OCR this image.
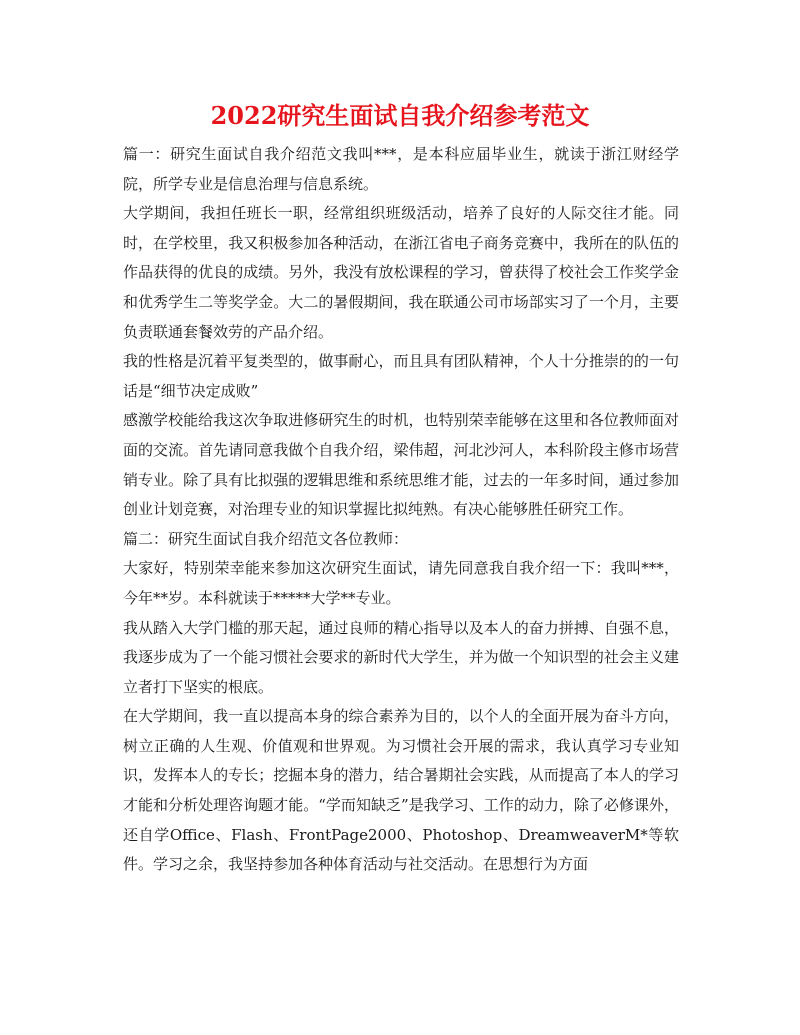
2022研究生面试自我介绍参考范文

篇一：研究生面试自我介绍范文我叫***，是本科应届毕业生，就读于浙江财经学院，所学专业是信息治理与信息系统。

大学期间，我担任班长一职，经常组织班级活动，培养了良好的人际交往才能。同时，在学校里，我又积极参加各种活动，在浙江省电子商务竞赛中，我所在的队伍的作品获得的优良的成绩。另外，我没有放松课程的学习，曾获得了校社会工作奖学金和优秀学生二等奖学金。大二的暑假期间，我在联通公司市场部实习了一个月，主要负责联通套餐效劳的产品介绍。

我的性格是沉着平复类型的，做事耐心，而且具有团队精神，个人十分推崇的的一句话是“细节决定成败”

感激学校能给我这次争取进修研究生的时机，也特别荣幸能够在这里和各位教师面对面的交流。首先请同意我做个自我介绍，梁伟超，河北沙河人，本科阶段主修市场营销专业。除了具有比拟强的逻辑思维和系统思维才能，过去的一年多时间，通过参加创业计划竞赛，对治理专业的知识掌握比拟纯熟。有决心能够胜任研究工作。

篇二：研究生面试自我介绍范文各位教师：

大家好，特别荣幸能来参加这次研究生面试，请先同意我自我介绍一下：我叫***，今年**岁。本科就读于*****大学**专业。

我从踏入大学门槛的那天起，通过良师的精心指导以及本人的奋力拼搏、自强不息，我逐步成为了一个能习惯社会要求的新时代大学生，并为做一个知识型的社会主义建立者打下坚实的根底。

在大学期间，我一直以提高本身的综合素养为目的，以个人的全面开展为奋斗方向，树立正确的人生观、价值观和世界观。为习惯社会开展的需求，我认真学习专业知识，发挥本人的专长；挖掘本身的潜力，结合暑期社会实践，从而提高了本人的学习才能和分析处理咨询题才能。“学而知缺乏”是我学习、工作的动力，除了必修课外，还自学Office、Flash、FrontPage2000、Photoshop、DreamweaverM*等软件。学习之余，我坚持参加各种体育活动与社交活动。在思想行为方面
